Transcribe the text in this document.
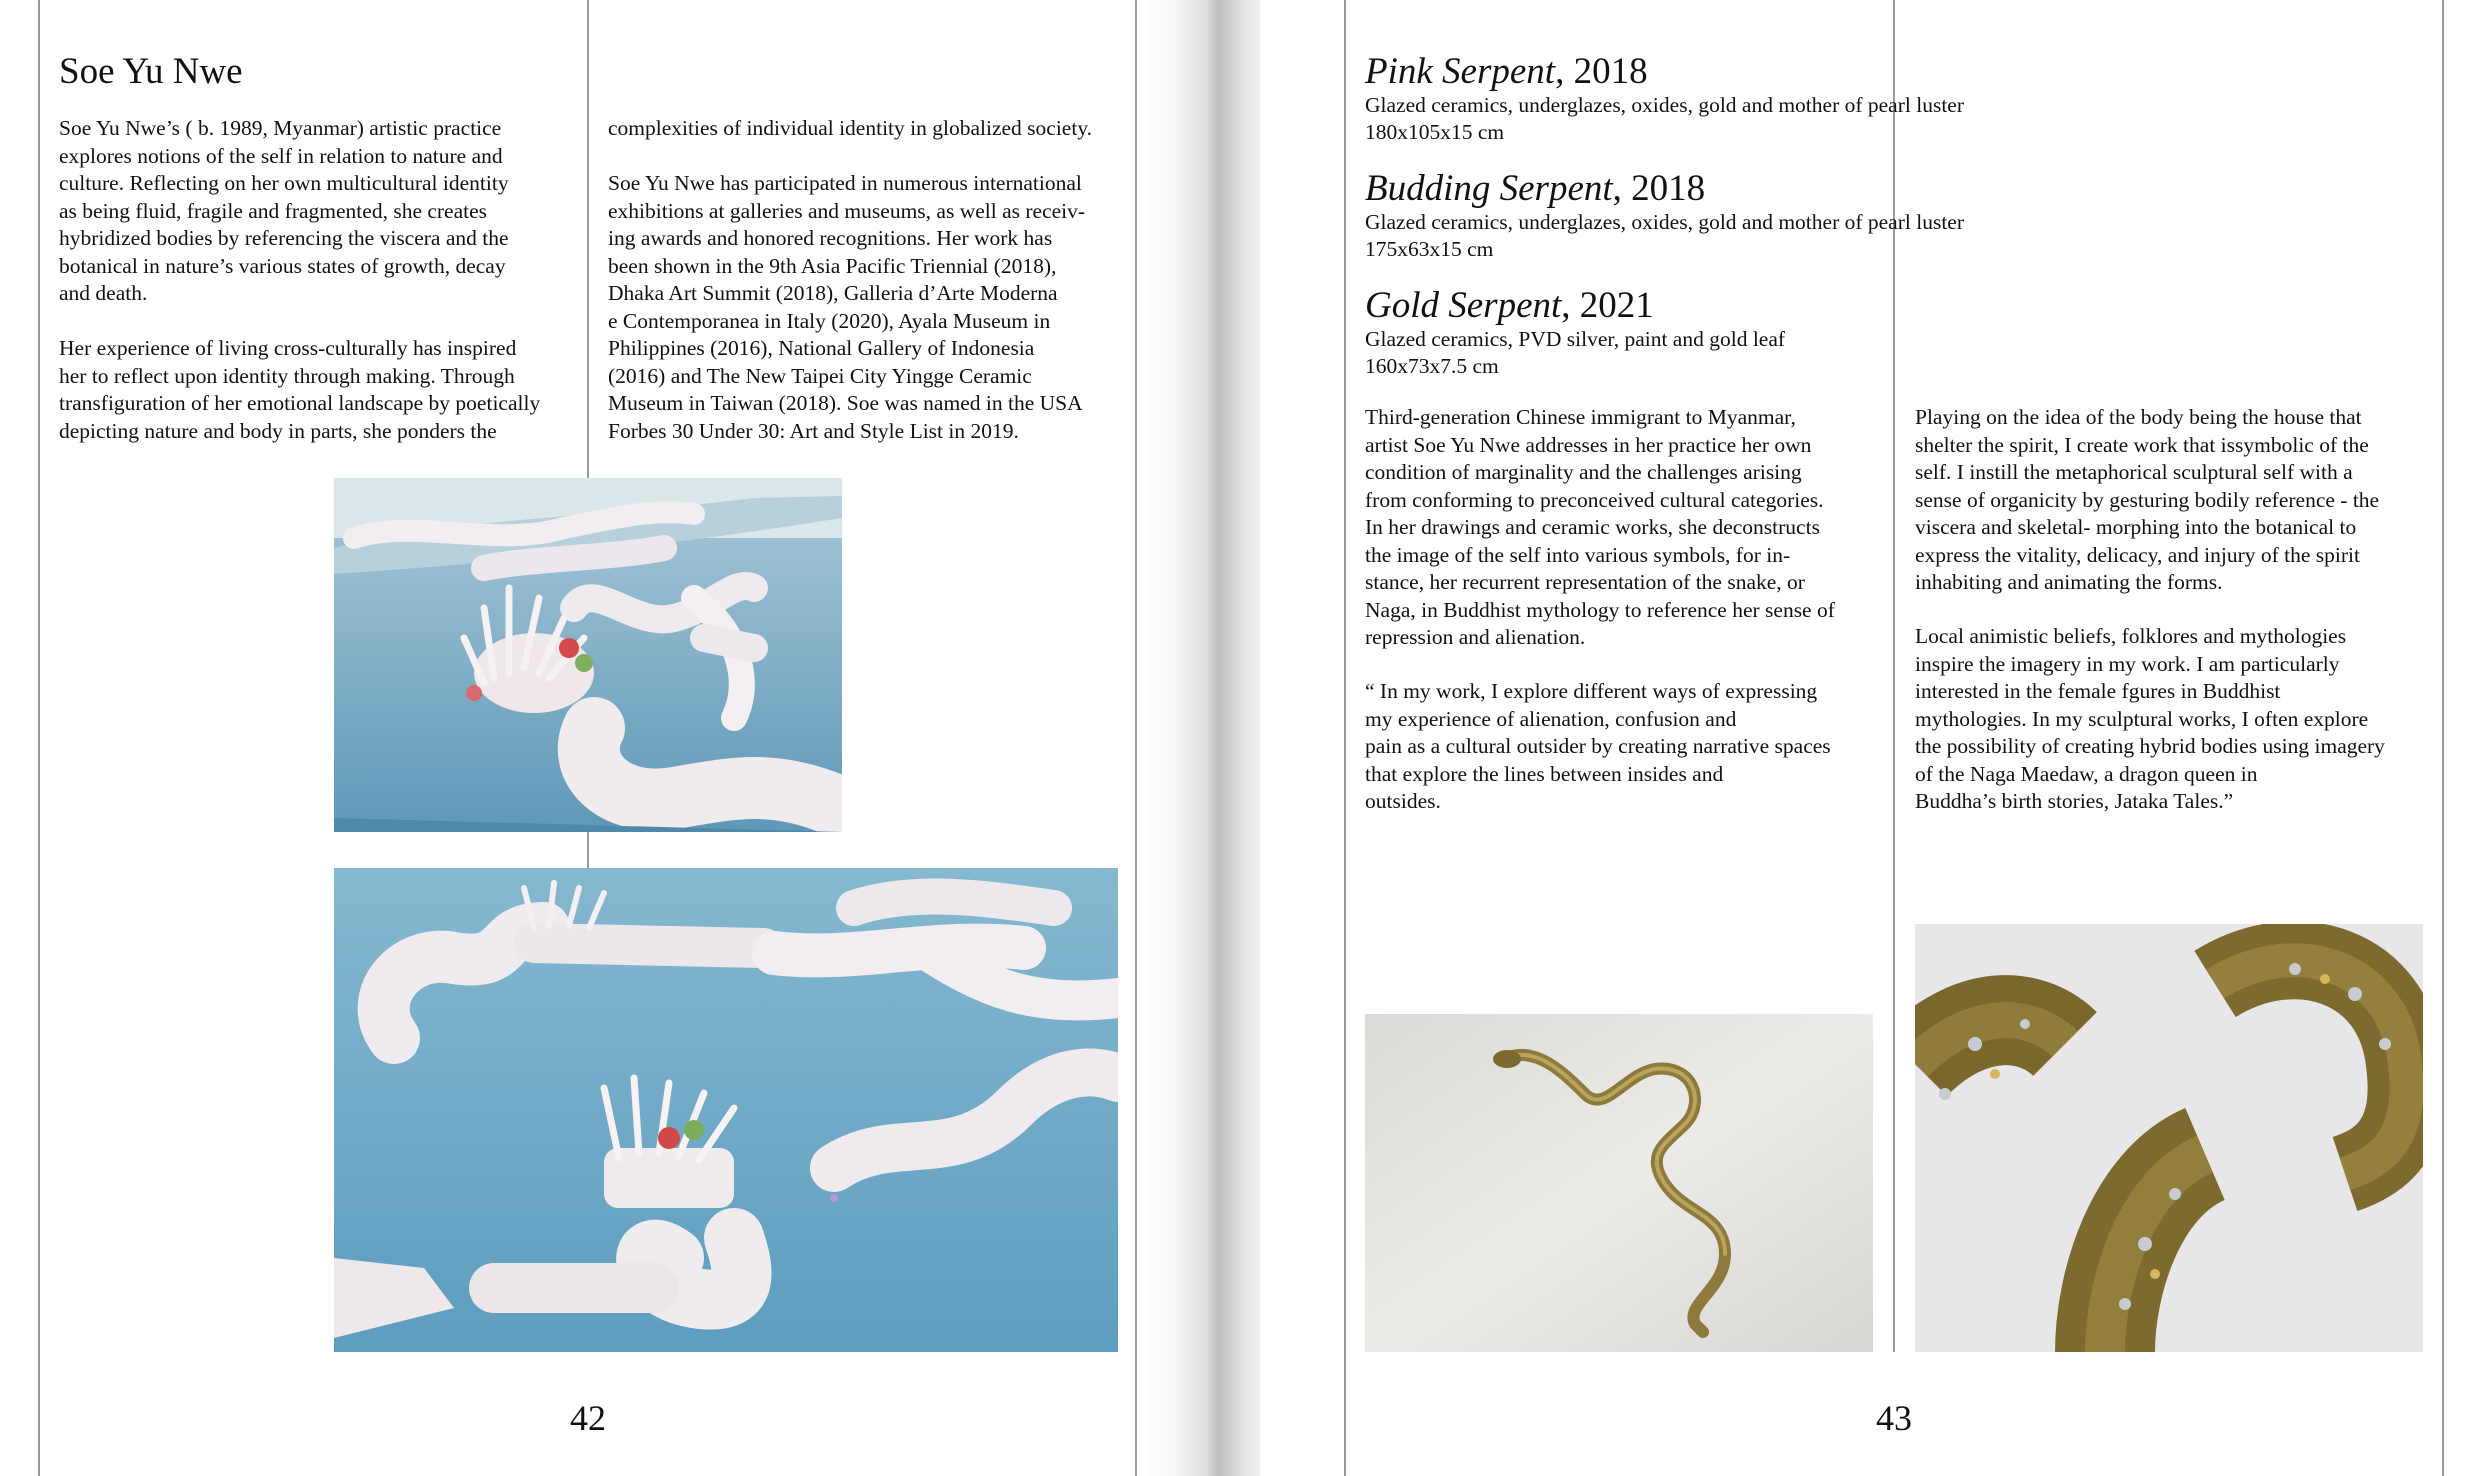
Soe Yu Nwe

Soe Yu Nwe’s ( b. 1989, Myanmar) artistic practice
explores notions of the self in relation to nature and
culture. Reflecting on her own multicultural identity
as being fluid, fragile and fragmented, she creates
hybridized bodies by referencing the viscera and the
botanical in nature’s various states of growth, decay
and death.

Her experience of living cross-culturally has inspired
her to reflect upon identity through making. Through
transfiguration of her emotional landscape by poetically
depicting nature and body in parts, she ponders the

complexities of individual identity in globalized society.

Soe Yu Nwe has participated in numerous international
exhibitions at galleries and museums, as well as receiv-
ing awards and honored recognitions. Her work has
been shown in the 9th Asia Pacific Triennial (2018),
Dhaka Art Summit (2018), Galleria d’Arte Moderna
e Contemporanea in Italy (2020), Ayala Museum in
Philippines (2016), National Gallery of Indonesia
(2016) and The New Taipei City Yingge Ceramic
Museum in Taiwan (2018). Soe was named in the USA
Forbes 30 Under 30: Art and Style List in 2019.

42
Pink Serpent, 2018
Glazed ceramics, underglazes, oxides, gold and mother of pearl luster
180x105x15 cm
Budding Serpent, 2018
Glazed ceramics, underglazes, oxides, gold and mother of pearl luster
175x63x15 cm
Gold Serpent, 2021
Glazed ceramics, PVD silver, paint and gold leaf
160x73x7.5 cm

Third-generation Chinese immigrant to Myanmar,
artist Soe Yu Nwe addresses in her practice her own
condition of marginality and the challenges arising
from conforming to preconceived cultural categories.
In her drawings and ceramic works, she deconstructs
the image of the self into various symbols, for in-
stance, her recurrent representation of the snake, or
Naga, in Buddhist mythology to reference her sense of
repression and alienation.

“ In my work, I explore different ways of expressing
my experience of alienation, confusion and
pain as a cultural outsider by creating narrative spaces
that explore the lines between insides and
outsides.

Playing on the idea of the body being the house that
shelter the spirit, I create work that issymbolic of the
self. I instill the metaphorical sculptural self with a
sense of organicity by gesturing bodily reference - the
viscera and skeletal- morphing into the botanical to
express the vitality, delicacy, and injury of the spirit
inhabiting and animating the forms.

Local animistic beliefs, folklores and mythologies
inspire the imagery in my work. I am particularly
interested in the female fgures in Buddhist
mythologies. In my sculptural works, I often explore
the possibility of creating hybrid bodies using imagery
of the Naga Maedaw, a dragon queen in
Buddha’s birth stories, Jataka Tales.”

43
